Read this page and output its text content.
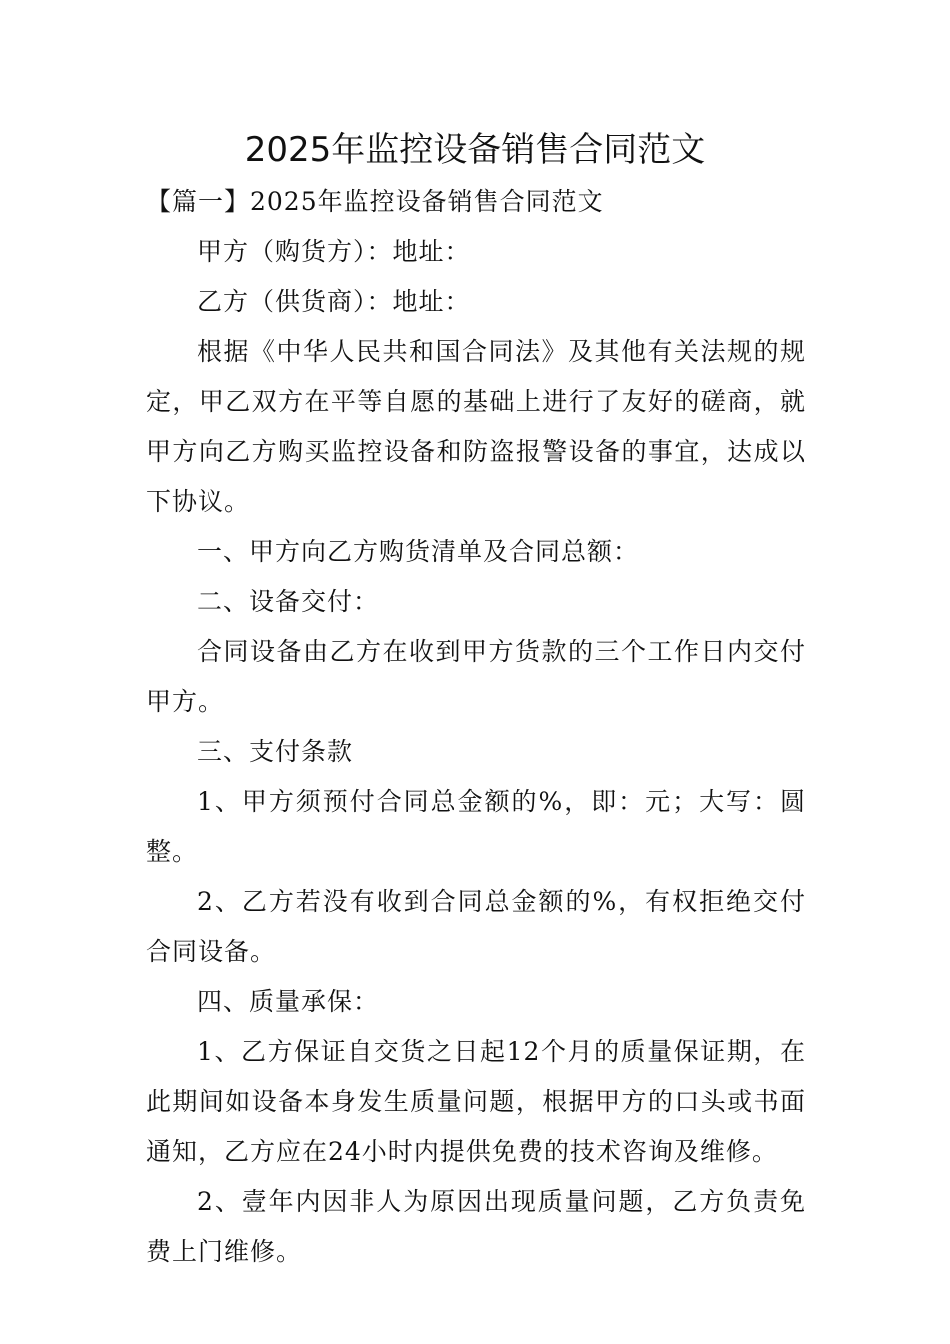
2025年监控设备销售合同范文

【篇一】2025年监控设备销售合同范文

甲方（购货方）：地址：

乙方（供货商）：地址：

根据《中华人民共和国合同法》及其他有关法规的规定，甲乙双方在平等自愿的基础上进行了友好的磋商，就甲方向乙方购买监控设备和防盗报警设备的事宜，达成以下协议。

一、甲方向乙方购货清单及合同总额：

二、设备交付：

合同设备由乙方在收到甲方货款的三个工作日内交付甲方。

三、支付条款

1、甲方须预付合同总金额的%，即：元；大写：圆整。

2、乙方若没有收到合同总金额的%，有权拒绝交付合同设备。

四、质量承保：

1、乙方保证自交货之日起12个月的质量保证期，在此期间如设备本身发生质量问题，根据甲方的口头或书面通知，乙方应在24小时内提供免费的技术咨询及维修。

2、壹年内因非人为原因出现质量问题，乙方负责免费上门维修。
